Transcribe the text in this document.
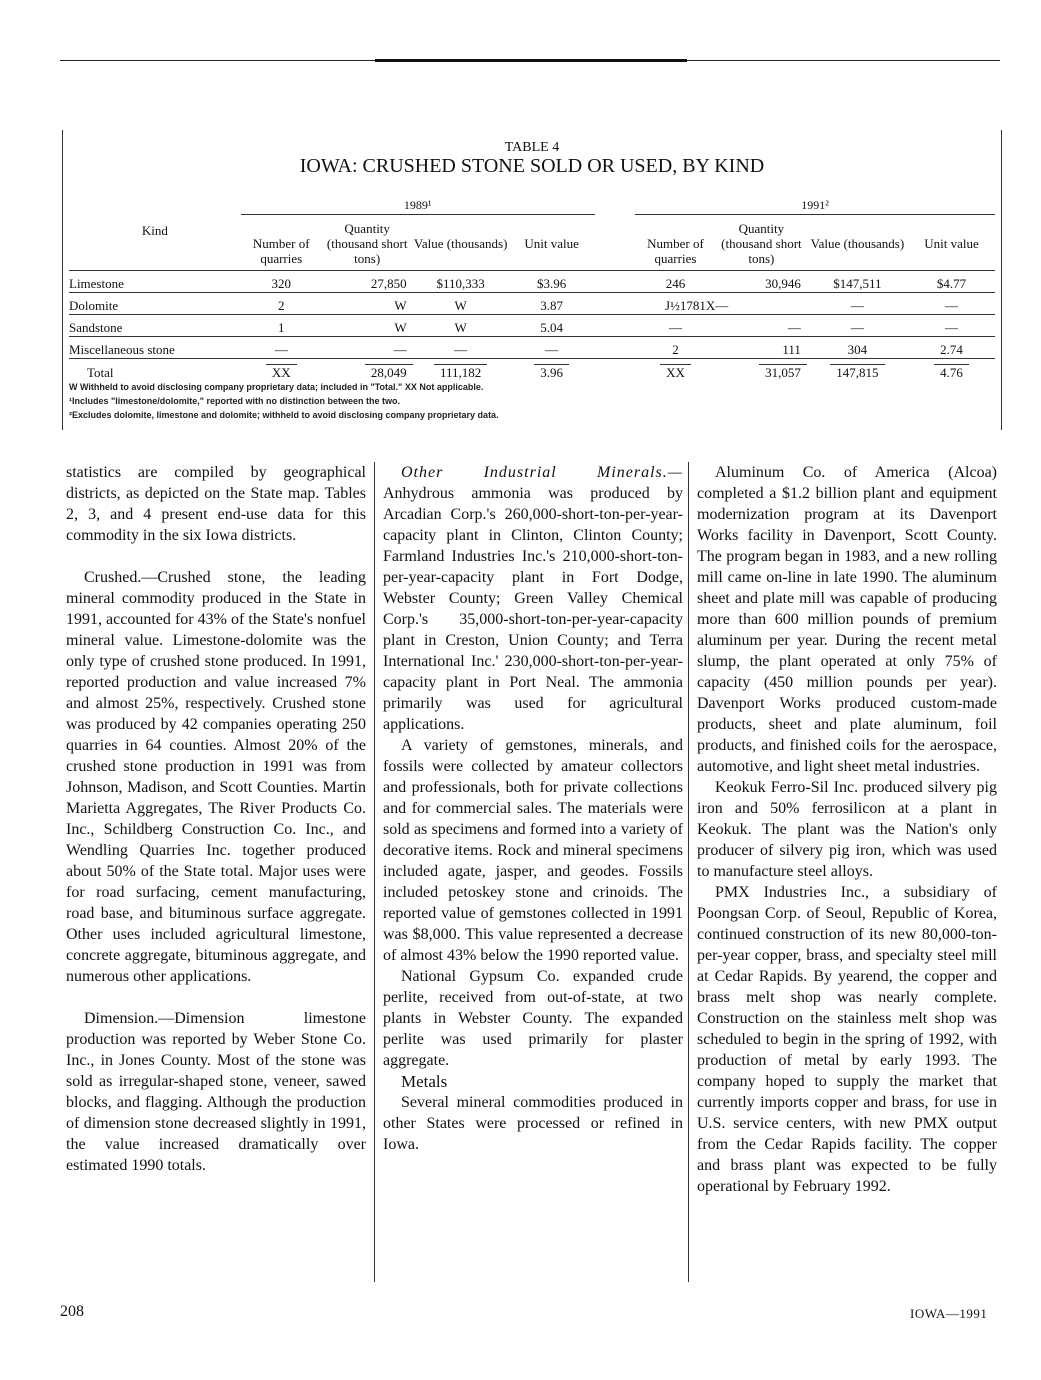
TABLE 4
IOWA: CRUSHED STONE SOLD OR USED, BY KIND
	1989¹					1991²			
Kind	Number of quarries	Quantity (thousand short tons)	Value (thousands)	Unit value		Number of quarries	Quantity (thousand short tons)	Value (thousands)	Unit value
Limestone	320	27,850	$110,333	$3.96		246	30,946	$147,511	$4.77
Dolomite	2	W	W	3.87		J½1781X—		—	—
Sandstone	1	W	W	5.04		—	—	—	—
Miscellaneous stone	—	—	—	—		2	111	304	2.74
Total	XX	28,049	111,182	3.96		XX	31,057	147,815	4.76
W Withheld to avoid disclosing company proprietary data; included in "Total." XX Not applicable.
¹Includes "limestone/dolomite," reported with no distinction between the two.
²Excludes dolomite, limestone and dolomite; withheld to avoid disclosing company proprietary data.

statistics are compiled by geographical districts, as depicted on the State map. Tables 2, 3, and 4 present end-use data for this commodity in the six Iowa districts.

Crushed.—Crushed stone, the leading mineral commodity produced in the State in 1991, accounted for 43% of the State's nonfuel mineral value. Limestone-dolomite was the only type of crushed stone produced. In 1991, reported production and value increased 7% and almost 25%, respectively. Crushed stone was produced by 42 companies operating 250 quarries in 64 counties. Almost 20% of the crushed stone production in 1991 was from Johnson, Madison, and Scott Counties. Martin Marietta Aggregates, The River Products Co. Inc., Schildberg Construction Co. Inc., and Wendling Quarries Inc. together produced about 50% of the State total. Major uses were for road surfacing, cement manufacturing, road base, and bituminous surface aggregate. Other uses included agricultural limestone, concrete aggregate, bituminous aggregate, and numerous other applications.

Dimension.—Dimension limestone production was reported by Weber Stone Co. Inc., in Jones County. Most of the stone was sold as irregular-shaped stone, veneer, sawed blocks, and flagging. Although the production of dimension stone decreased slightly in 1991, the value increased dramatically over estimated 1990 totals.

Other Industrial Minerals.— Anhydrous ammonia was produced by Arcadian Corp.'s 260,000-short-ton-per-year-capacity plant in Clinton, Clinton County; Farmland Industries Inc.'s 210,000-short-ton-per-year-capacity plant in Fort Dodge, Webster County; Green Valley Chemical Corp.'s 35,000-short-ton-per-year-capacity plant in Creston, Union County; and Terra International Inc.' 230,000-short-ton-per-year-capacity plant in Port Neal. The ammonia primarily was used for agricultural applications.

A variety of gemstones, minerals, and fossils were collected by amateur collectors and professionals, both for private collections and for commercial sales. The materials were sold as specimens and formed into a variety of decorative items. Rock and mineral specimens included agate, jasper, and geodes. Fossils included petoskey stone and crinoids. The reported value of gemstones collected in 1991 was $8,000. This value represented a decrease of almost 43% below the 1990 reported value.

National Gypsum Co. expanded crude perlite, received from out-of-state, at two plants in Webster County. The expanded perlite was used primarily for plaster aggregate.

Metals

Several mineral commodities produced in other States were processed or refined in Iowa.

Aluminum Co. of America (Alcoa) completed a $1.2 billion plant and equipment modernization program at its Davenport Works facility in Davenport, Scott County. The program began in 1983, and a new rolling mill came on-line in late 1990. The aluminum sheet and plate mill was capable of producing more than 600 million pounds of premium aluminum per year. During the recent metal slump, the plant operated at only 75% of capacity (450 million pounds per year). Davenport Works produced custom-made products, sheet and plate aluminum, foil products, and finished coils for the aerospace, automotive, and light sheet metal industries.

Keokuk Ferro-Sil Inc. produced silvery pig iron and 50% ferrosilicon at a plant in Keokuk. The plant was the Nation's only producer of silvery pig iron, which was used to manufacture steel alloys.

PMX Industries Inc., a subsidiary of Poongsan Corp. of Seoul, Republic of Korea, continued construction of its new 80,000-ton-per-year copper, brass, and specialty steel mill at Cedar Rapids. By yearend, the copper and brass melt shop was nearly complete. Construction on the stainless melt shop was scheduled to begin in the spring of 1992, with production of metal by early 1993. The company hoped to supply the market that currently imports copper and brass, for use in U.S. service centers, with new PMX output from the Cedar Rapids facility. The copper and brass plant was expected to be fully operational by February 1992.

208	IOWA—1991
